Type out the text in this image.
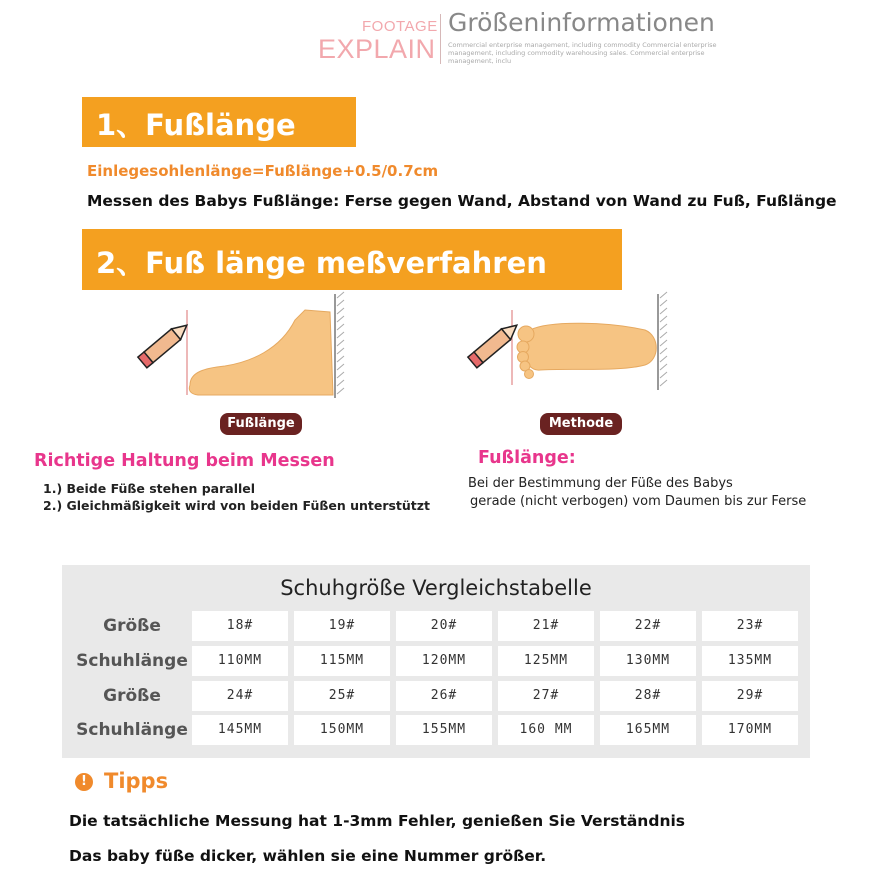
FOOTAGE
EXPLAIN
Größeninformationen
Commercial enterprise management, including commodity Commercial enterprise management, including commodity warehousing sales. Commercial enterprise management, inclu
1、Fußlänge
Einlegesohlenlänge=Fußlänge+0.5/0.7cm
Messen des Babys Fußlänge: Ferse gegen Wand, Abstand von Wand zu Fuß, Fußlänge
2、Fuß länge meßverfahren
Fußlänge	Methode
Richtige Haltung beim Messen
1.) Beide Füße stehen parallel
2.) Gleichmäßigkeit wird von beiden Füßen unterstützt
Fußlänge:
Bei der Bestimmung der Füße des Babys
gerade (nicht verbogen) vom Daumen bis zur Ferse
Schuhgröße Vergleichstabelle
Größe	18#	19#	20#	21#	22#	23#
Schuhlänge	110MM	115MM	120MM	125MM	130MM	135MM
Größe	24#	25#	26#	27#	28#	29#
Schuhlänge	145MM	150MM	155MM	160 MM	165MM	170MM
! Tipps
Die tatsächliche Messung hat 1-3mm Fehler, genießen Sie Verständnis
Das baby füße dicker, wählen sie eine Nummer größer.
